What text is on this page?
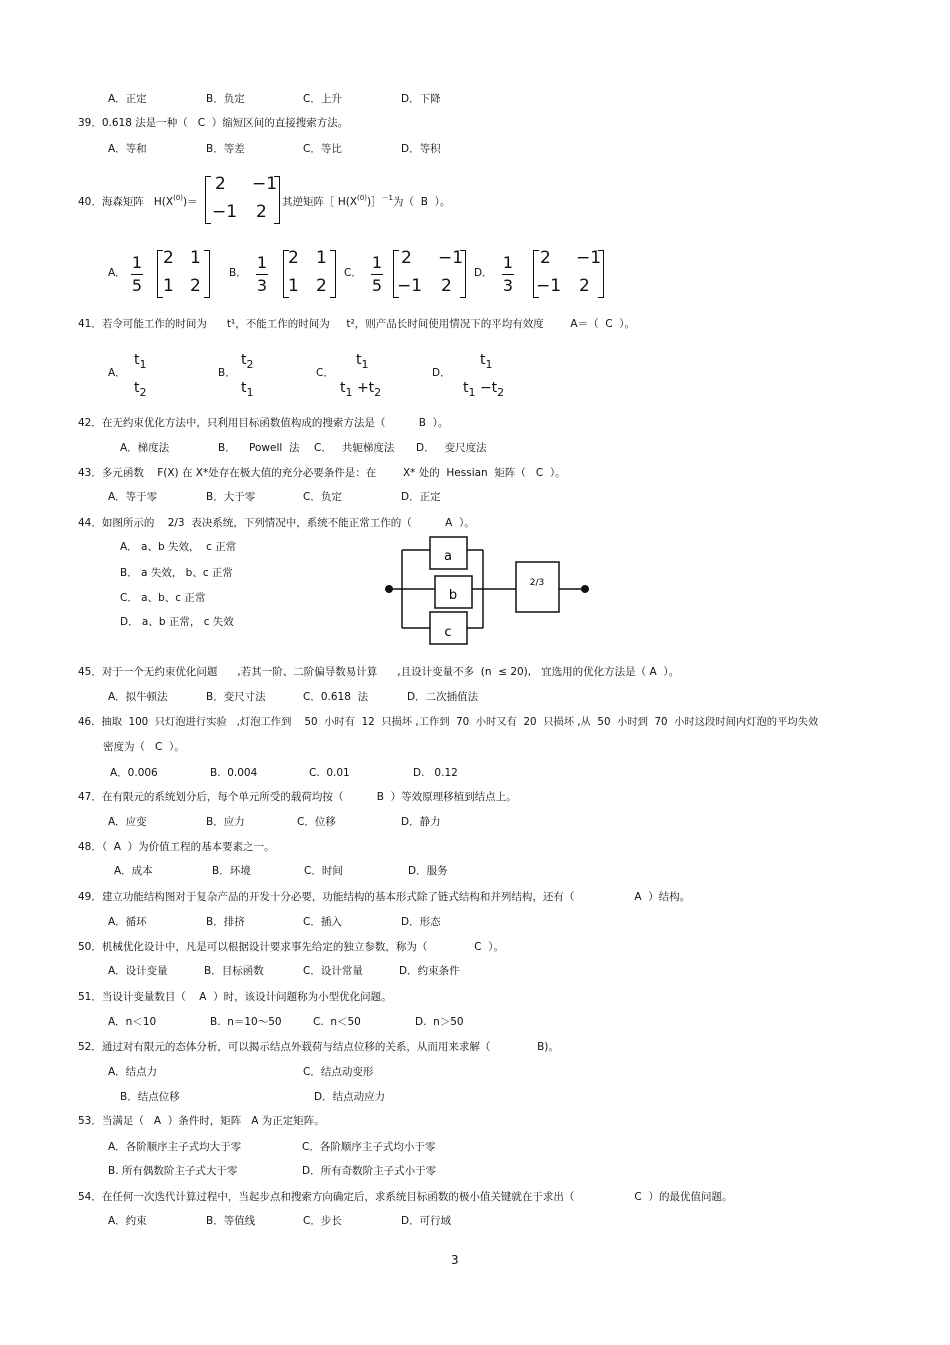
A．正定	B．负定	C．上升	D．下降
39．0.618 法是一种（   C  ）缩短区间的直接搜索方法。
A．等和	B．等差	C．等比	D．等积
40．海森矩阵   $H(X^{(0)})=$
2 −1
−1 2 其逆矩阵［ $H(X^{(0)})]^{-1}$为（  B  ）。
A．
1
5
2 1
1 2
B．
1
3
2 1
1 2
C．
1
5
2 −1
−1 2
D．
1
3
2 −1
−1 2
41．若令可能工作的时间为      t¹，不能工作的时间为     t²，则产品长时间使用情况下的平均有效度        A＝（  C  ）。
A．
$t_1$
$t_2$
B．
$t_2$
$t_1$
C．
$t_1$
$t_1 +t_2$
D．
$t_1$
$t_1 -t_2$
42．在无约束优化方法中，只利用目标函数值构成的搜索方法是（          B  ）。
A．梯度法	B．    Powell  法 C．   共轭梯度法 D．   变尺度法
43．多元函数    F(X) 在 X*处存在极大值的充分必要条件是：在        X* 处的  Hessian  矩阵（   C  ）。
A．等于零	B．大于零	C．负定	D．正定
44．如图所示的    2/3  表决系统，下列情况中，系统不能正常工作的（          A  ）。
A． a、b 失效，  c 正常
B． a 失效， b、c 正常
C． a、b、c 正常
D． a、b 正常， c 失效
a
b
c
2/3
45．对于一个无约束优化问题      ,若其一阶、二阶偏导数易计算      ,且设计变量不多  (n  ≤ 20),   宜选用的优化方法是（ A  ）。
A．拟牛顿法	B．变尺寸法	C．0.618  法	D．二次插值法
46．抽取  100  只灯泡进行实验   ,灯泡工作到    50  小时有  12  只损坏 ,工作到  70  小时又有  20  只损坏 ,从  50  小时到  70  小时这段时间内灯泡的平均失效
密度为（   C  ）。
A．0.006	B.  0.004	C.  0.01	D.   0.12
47．在有限元的系统划分后，每个单元所受的载荷均按（          B  ）等效原理移植到结点上。
A．应变	B．应力	C．位移	D．静力
48．（  A  ）为价值工程的基本要素之一。
A．成本	B．环境	C．时间	D．服务
49．建立功能结构图对于复杂产品的开发十分必要，功能结构的基本形式除了链式结构和并列结构，还有（                  A  ）结构。
A．循环	B．排挤	C．插入	D．形态
50．机械优化设计中，凡是可以根据设计要求事先给定的独立参数，称为（              C  ）。
A．设计变量	B．目标函数	C．设计常量	D．约束条件
51．当设计变量数目（    A  ）时，该设计问题称为小型优化问题。
A．n＜10	B.  n＝10～50	C.  n＜50	D.  n＞50
52．通过对有限元的态体分析，可以揭示结点外载荷与结点位移的关系，从而用来求解（              B)。
A．结点力	C．结点动变形
B．结点位移	D．结点动应力
53．当满足（   A  ）条件时，矩阵   A 为正定矩阵。
A．各阶顺序主子式均大于零	C．各阶顺序主子式均小于零
B. 所有偶数阶主子式大于零	D．所有奇数阶主子式小于零
54．在任何一次迭代计算过程中，当起步点和搜索方向确定后，求系统目标函数的极小值关键就在于求出（                  C  ）的最优值问题。
A．约束	B．等值线	C．步长	D．可行域
3
